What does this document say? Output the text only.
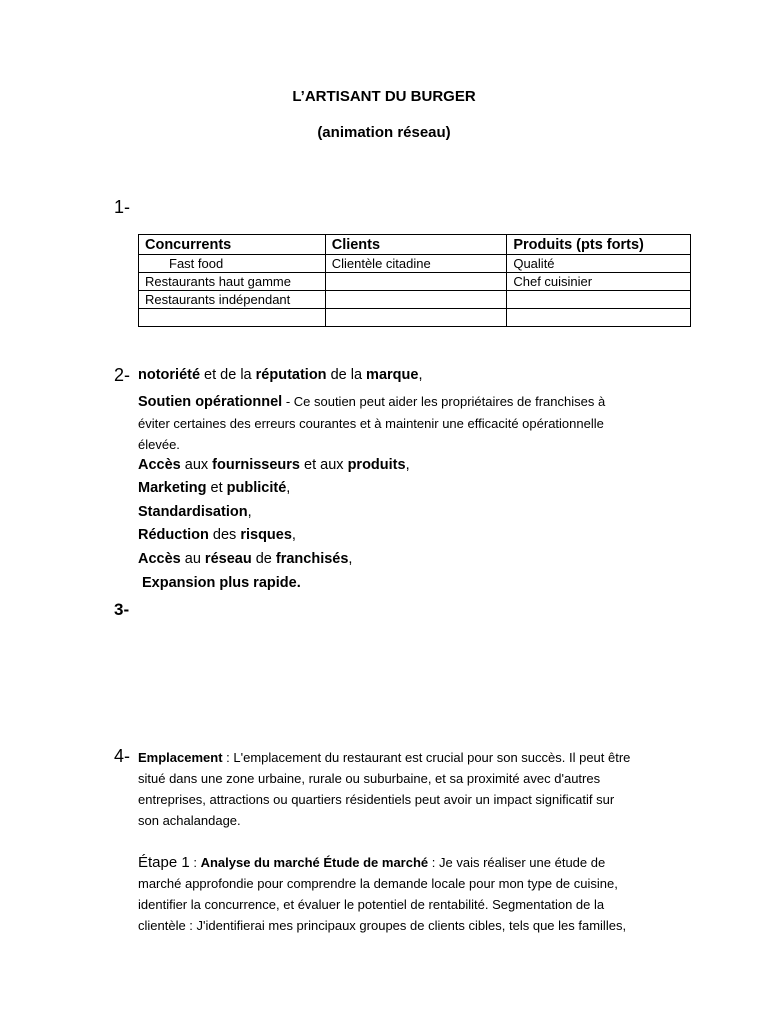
L’ARTISANT DU BURGER
(animation réseau)
1-
Concurrents	Clients	Produits (pts forts)
Fast food	Clientèle citadine	Qualité
Restaurants haut gamme		Chef cuisinier
Restaurants indépendant		

2- notoriété et de la réputation de la marque,
Soutien opérationnel - Ce soutien peut aider les propriétaires de franchises à
éviter certaines des erreurs courantes et à maintenir une efficacité opérationnelle
élevée.
Accès aux fournisseurs et aux produits,
Marketing et publicité,
Standardisation,
Réduction des risques,
Accès au réseau de franchisés,
Expansion plus rapide.
3-
4- Emplacement : L'emplacement du restaurant est crucial pour son succès. Il peut être
situé dans une zone urbaine, rurale ou suburbaine, et sa proximité avec d'autres
entreprises, attractions ou quartiers résidentiels peut avoir un impact significatif sur
son achalandage.
Étape 1 : Analyse du marché Étude de marché : Je vais réaliser une étude de
marché approfondie pour comprendre la demande locale pour mon type de cuisine,
identifier la concurrence, et évaluer le potentiel de rentabilité. Segmentation de la
clientèle : J'identifierai mes principaux groupes de clients cibles, tels que les familles,
